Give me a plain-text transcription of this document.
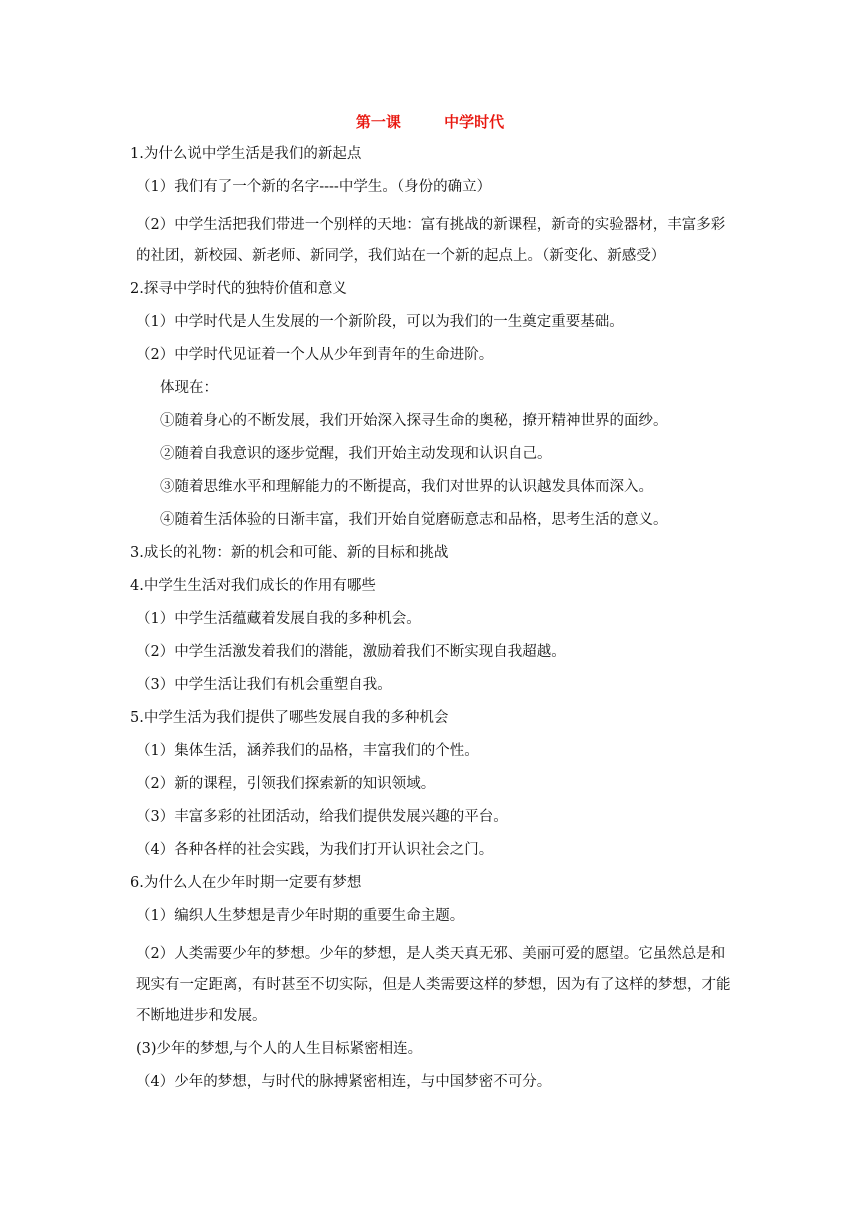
第一课	中学时代

1.为什么说中学生活是我们的新起点

（1）我们有了一个新的名字----中学生。（身份的确立）

（2）中学生活把我们带进一个别样的天地：富有挑战的新课程，新奇的实验器材，丰富多彩的社团，新校园、新老师、新同学，我们站在一个新的起点上。（新变化、新感受）

2.探寻中学时代的独特价值和意义

（1）中学时代是人生发展的一个新阶段，可以为我们的一生奠定重要基础。

（2）中学时代见证着一个人从少年到青年的生命进阶。

体现在：

①随着身心的不断发展，我们开始深入探寻生命的奥秘，撩开精神世界的面纱。

②随着自我意识的逐步觉醒，我们开始主动发现和认识自己。

③随着思维水平和理解能力的不断提高，我们对世界的认识越发具体而深入。

④随着生活体验的日渐丰富，我们开始自觉磨砺意志和品格，思考生活的意义。

3.成长的礼物：新的机会和可能、新的目标和挑战

4.中学生生活对我们成长的作用有哪些

（1）中学生活蕴藏着发展自我的多种机会。

（2）中学生活激发着我们的潜能，激励着我们不断实现自我超越。

（3）中学生活让我们有机会重塑自我。

5.中学生活为我们提供了哪些发展自我的多种机会

（1）集体生活，涵养我们的品格，丰富我们的个性。

（2）新的课程，引领我们探索新的知识领域。

（3）丰富多彩的社团活动，给我们提供发展兴趣的平台。

（4）各种各样的社会实践，为我们打开认识社会之门。

6.为什么人在少年时期一定要有梦想

（1）编织人生梦想是青少年时期的重要生命主题。

（2）人类需要少年的梦想。少年的梦想，是人类天真无邪、美丽可爱的愿望。它虽然总是和现实有一定距离，有时甚至不切实际，但是人类需要这样的梦想，因为有了这样的梦想，才能不断地进步和发展。

(3)少年的梦想,与个人的人生目标紧密相连。

（4）少年的梦想，与时代的脉搏紧密相连，与中国梦密不可分。
